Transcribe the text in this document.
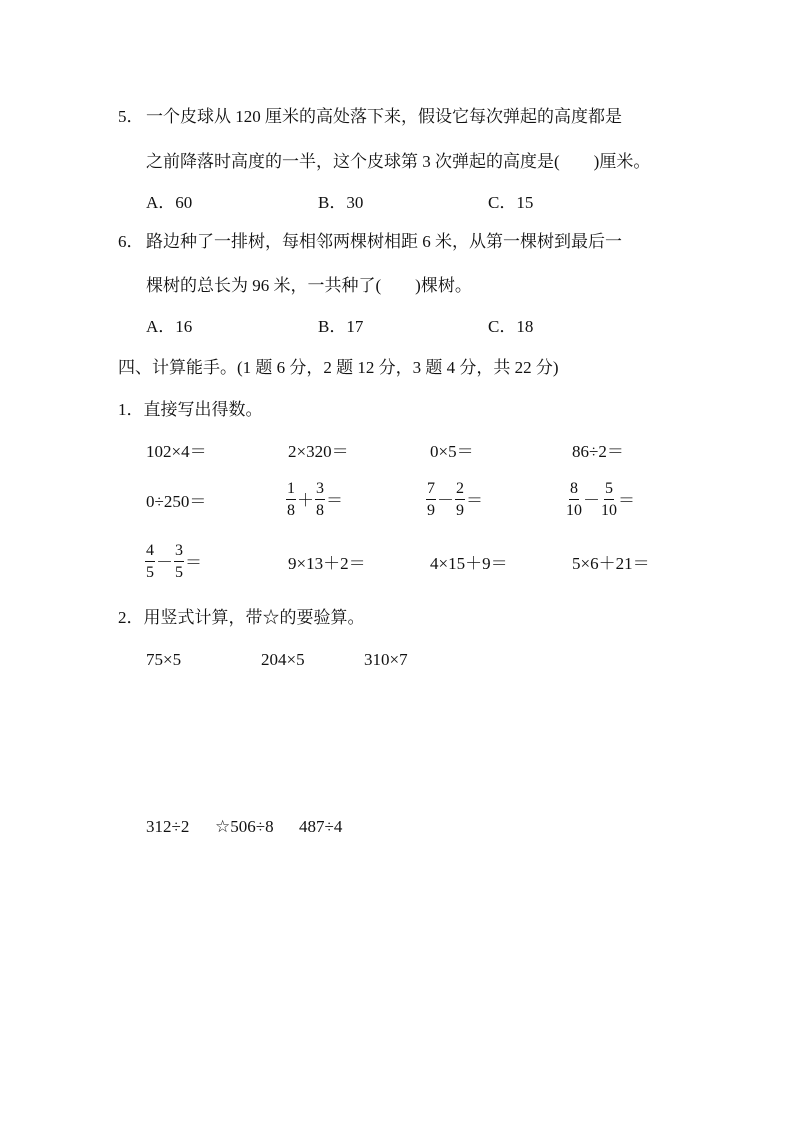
5． 一个皮球从 120 厘米的高处落下来，假设它每次弹起的高度都是
之前降落时高度的一半，这个皮球第 3 次弹起的高度是(　　)厘米。
A．60	B．30	C．15
6． 路边种了一排树，每相邻两棵树相距 6 米，从第一棵树到最后一
棵树的总长为 96 米，一共种了(　　)棵树。
A．16	B．17	C．18
四、计算能手。(1 题 6 分，2 题 12 分，3 题 4 分，共 22 分)
1．直接写出得数。
102×4＝	2×320＝	0×5＝	86÷2＝
0÷250＝	$\frac{1}{8} + \frac{3}{8}$ ＝	$\frac{7}{9} - \frac{2}{9}$ ＝	$\frac{8}{10} - \frac{5}{10}$ ＝
$\frac{4}{5} - \frac{3}{5}$ ＝	9×13＋2＝	4×15＋9＝	5×6＋21＝
2．用竖式计算，带☆的要验算。
75×5	204×5	310×7
312÷2 ☆506÷8 487÷4
